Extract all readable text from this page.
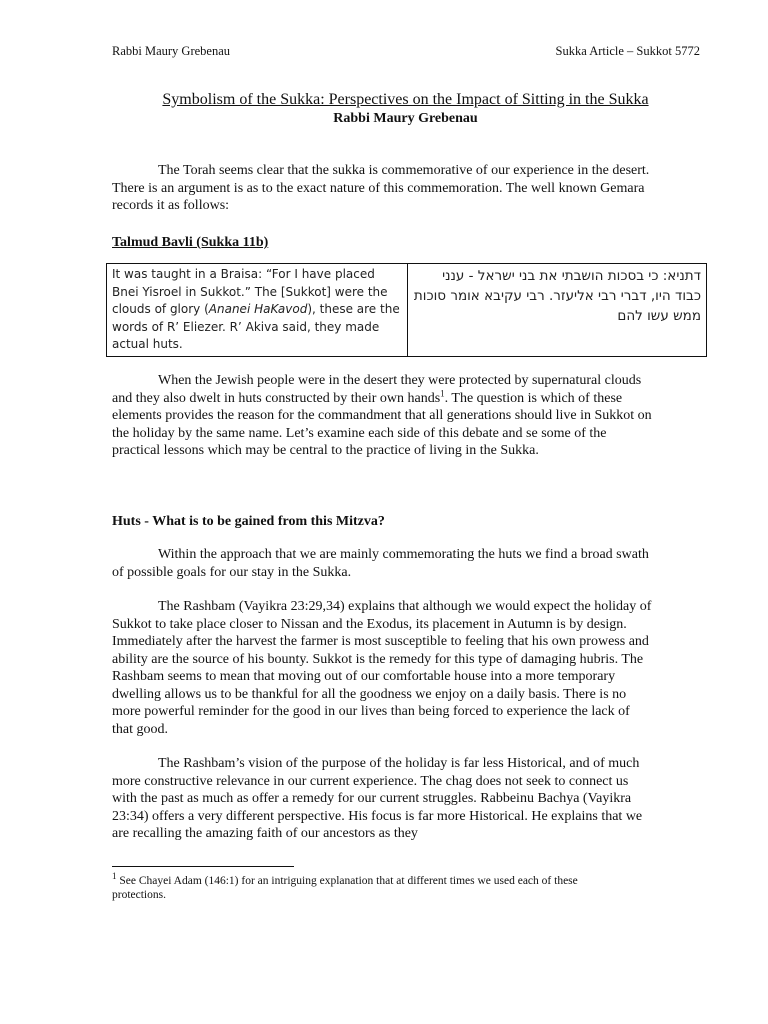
Rabbi Maury Grebenau	Sukka Article – Sukkot 5772
Symbolism of the Sukka: Perspectives on the Impact of Sitting in the Sukka
Rabbi Maury Grebenau

The Torah seems clear that the sukka is commemorative of our experience in the desert. There is an argument is as to the exact nature of this commemoration. The well known Gemara records it as follows:

Talmud Bavli (Sukka 11b)

It was taught in a Braisa: “For I have placed Bnei Yisroel in Sukkot.” The [Sukkot] were the clouds of glory (Ananei HaKavod), these are the words of R’ Eliezer. R’ Akiva said, they made actual huts.	דתניא: כי בסכות הושבתי את בני ישראל - ענני כבוד היו, דברי רבי אליעזר. רבי עקיבא אומר סוכות ממש עשו להם

When the Jewish people were in the desert they were protected by supernatural clouds and they also dwelt in huts constructed by their own hands$^1$. The question is which of these elements provides the reason for the commandment that all generations should live in Sukkot on the holiday by the same name. Let’s examine each side of this debate and se some of the practical lessons which may be central to the practice of living in the Sukka.

Huts - What is to be gained from this Mitzva?

Within the approach that we are mainly commemorating the huts we find a broad swath of possible goals for our stay in the Sukka.

The Rashbam (Vayikra 23:29,34) explains that although we would expect the holiday of Sukkot to take place closer to Nissan and the Exodus, its placement in Autumn is by design. Immediately after the harvest the farmer is most susceptible to feeling that his own prowess and ability are the source of his bounty. Sukkot is the remedy for this type of damaging hubris. The Rashbam seems to mean that moving out of our comfortable house into a more temporary dwelling allows us to be thankful for all the goodness we enjoy on a daily basis. There is no more powerful reminder for the good in our lives than being forced to experience the lack of that good.

The Rashbam’s vision of the purpose of the holiday is far less Historical, and of much more constructive relevance in our current experience. The chag does not seek to connect us with the past as much as offer a remedy for our current struggles. Rabbeinu Bachya (Vayikra 23:34) offers a very different perspective. His focus is far more Historical. He explains that we are recalling the amazing faith of our ancestors as they

$^1$ See Chayei Adam (146:1) for an intriguing explanation that at different times we used each of these protections.
